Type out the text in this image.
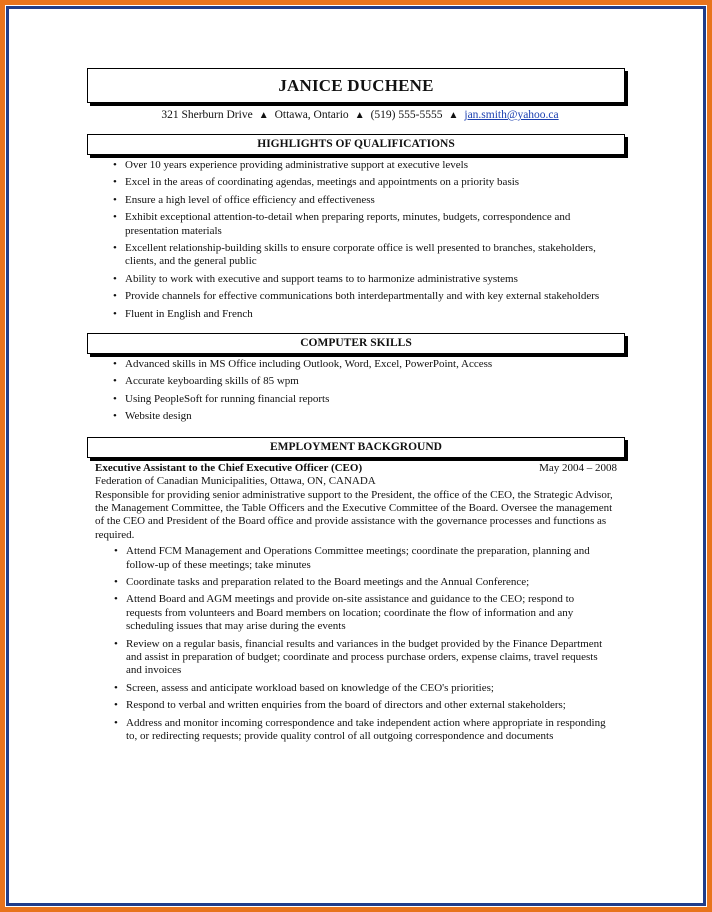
JANICE DUCHENE
321 Sherburn Drive ▲ Ottawa, Ontario ▲ (519) 555-5555 ▲ jan.smith@yahoo.ca
HIGHLIGHTS OF QUALIFICATIONS
• Over 10 years experience providing administrative support at executive levels
• Excel in the areas of coordinating agendas, meetings and appointments on a priority basis
• Ensure a high level of office efficiency and effectiveness
• Exhibit exceptional attention-to-detail when preparing reports, minutes, budgets, correspondence and presentation materials
• Excellent relationship-building skills to ensure corporate office is well presented to branches, stakeholders, clients, and the general public
• Ability to work with executive and support teams to to harmonize administrative systems
• Provide channels for effective communications both interdepartmentally and with key external stakeholders
• Fluent in English and French
COMPUTER SKILLS
• Advanced skills in MS Office including Outlook, Word, Excel, PowerPoint, Access
• Accurate keyboarding skills of 85 wpm
• Using PeopleSoft for running financial reports
• Website design
EMPLOYMENT BACKGROUND
Executive Assistant to the Chief Executive Officer (CEO)	May 2004 – 2008
Federation of Canadian Municipalities, Ottawa, ON, CANADA
Responsible for providing senior administrative support to the President, the office of the CEO, the Strategic Advisor, the Management Committee, the Table Officers and the Executive Committee of the Board. Oversee the management of the CEO and President of the Board office and provide assistance with the governance processes and functions as required.
• Attend FCM Management and Operations Committee meetings; coordinate the preparation, planning and follow-up of these meetings; take minutes
• Coordinate tasks and preparation related to the Board meetings and the Annual Conference;
• Attend Board and AGM meetings and provide on-site assistance and guidance to the CEO; respond to requests from volunteers and Board members on location; coordinate the flow of information and any scheduling issues that may arise during the events
• Review on a regular basis, financial results and variances in the budget provided by the Finance Department and assist in preparation of budget; coordinate and process purchase orders, expense claims, travel requests and invoices
• Screen, assess and anticipate workload based on knowledge of the CEO's priorities;
• Respond to verbal and written enquiries from the board of directors and other external stakeholders;
• Address and monitor incoming correspondence and take independent action where appropriate in responding to, or redirecting requests; provide quality control of all outgoing correspondence and documents
